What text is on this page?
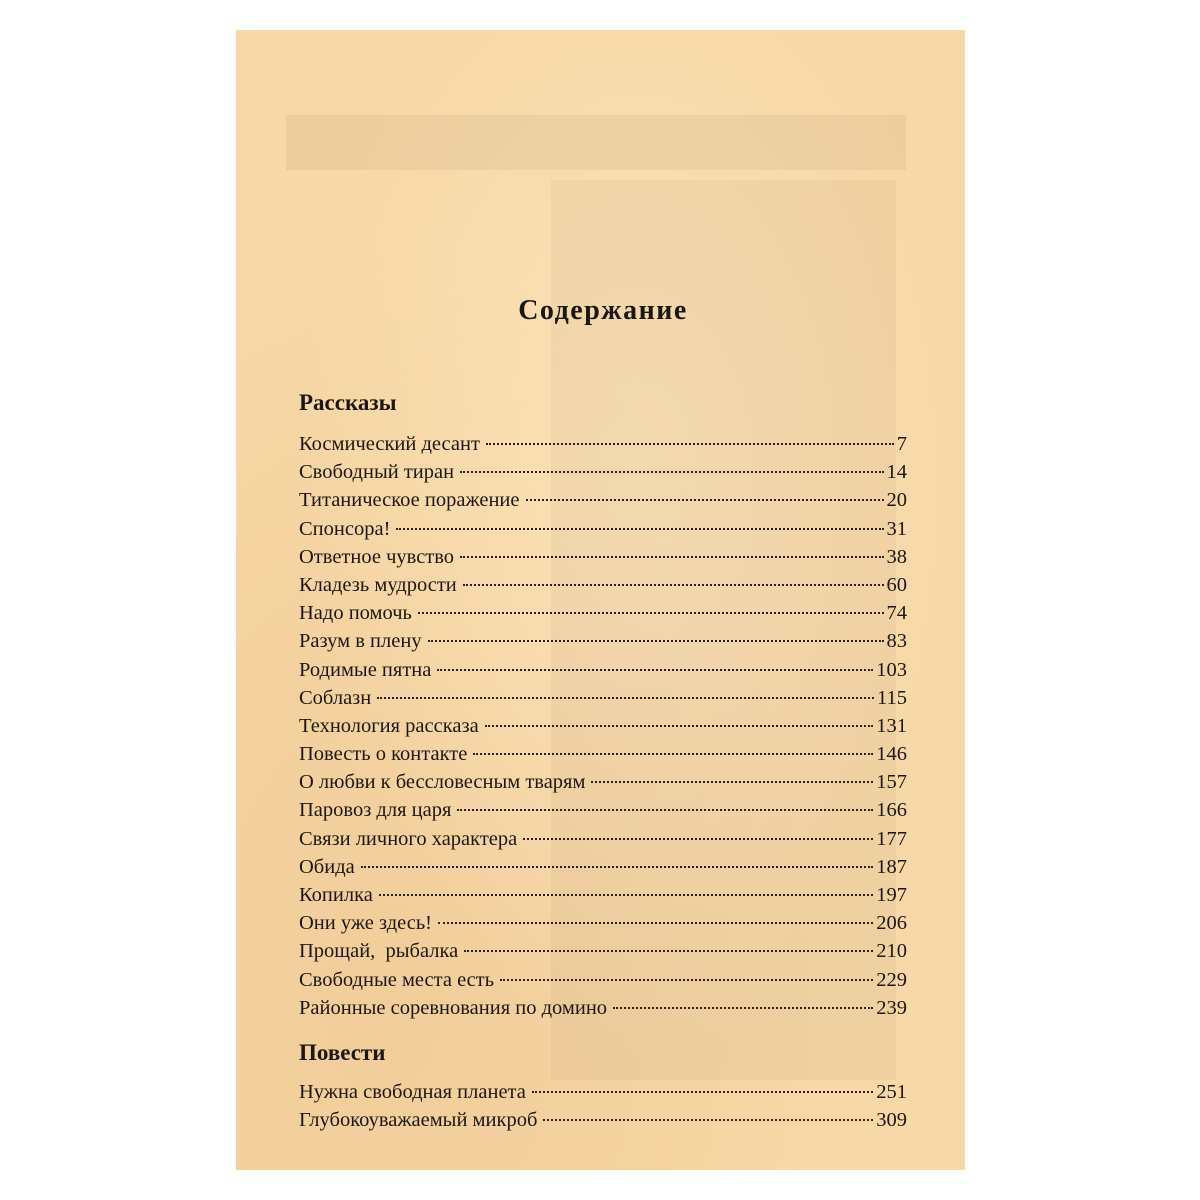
Содержание
Рассказы
Космический десант	7
Свободный тиран	14
Титаническое поражение	20
Спонсора!	31
Ответное чувство	38
Кладезь мудрости	60
Надо помочь	74
Разум в плену	83
Родимые пятна	103
Соблазн	115
Технология рассказа	131
Повесть о контакте	146
О любви к бессловесным тварям	157
Паровоз для царя	166
Связи личного характера	177
Обида	187
Копилка	197
Они уже здесь!	206
Прощай,  рыбалка	210
Свободные места есть	229
Районные соревнования по домино	239
Повести
Нужна свободная планета	251
Глубокоуважаемый микроб	309
